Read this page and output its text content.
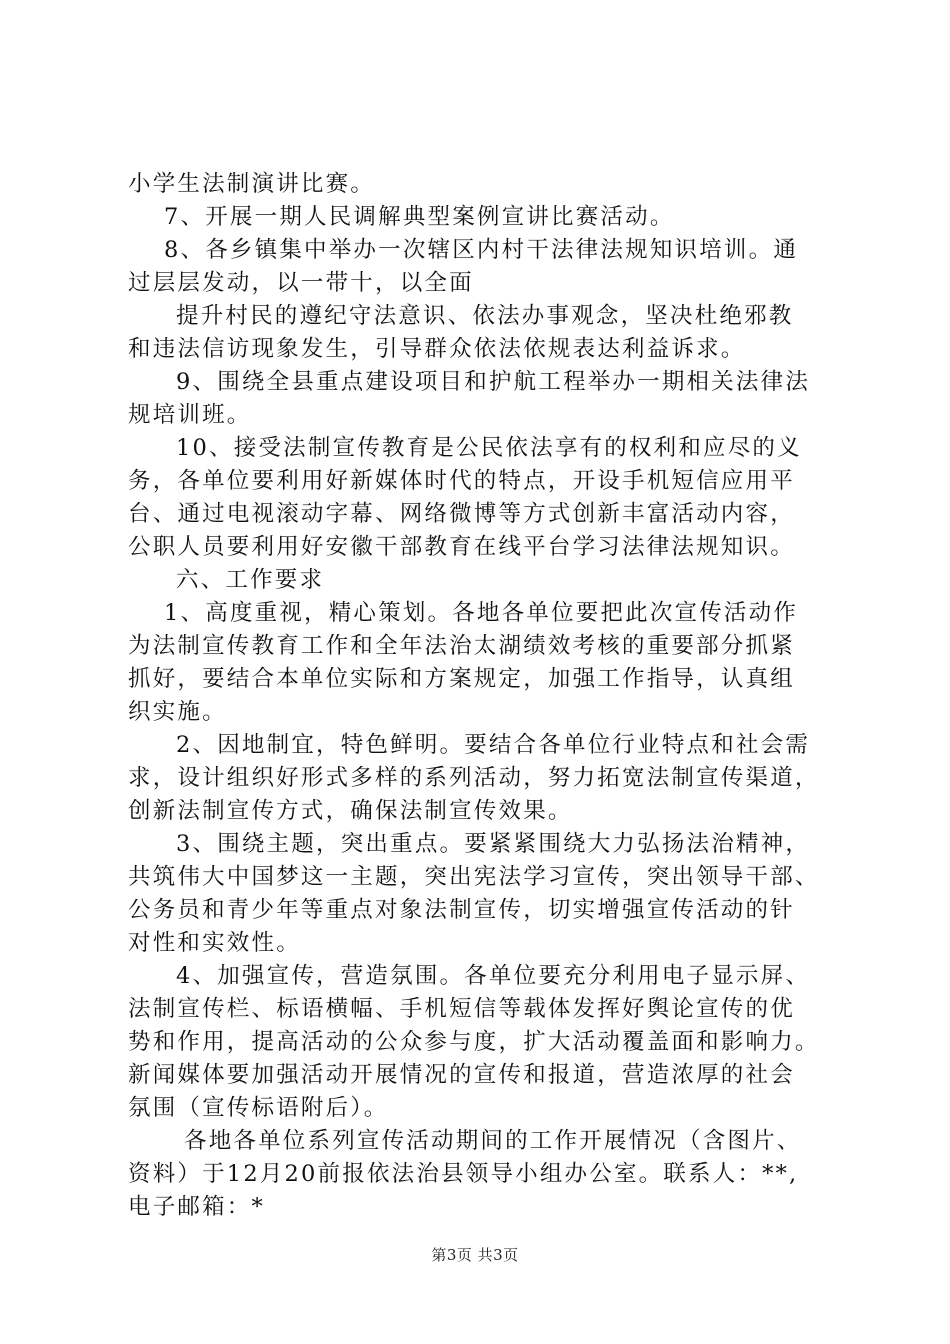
小学生法制演讲比赛。
7、开展一期人民调解典型案例宣讲比赛活动。
8、各乡镇集中举办一次辖区内村干法律法规知识培训。通
过层层发动，以一带十，以全面
提升村民的遵纪守法意识、依法办事观念，坚决杜绝邪教
和违法信访现象发生，引导群众依法依规表达利益诉求。
9、围绕全县重点建设项目和护航工程举办一期相关法律法
规培训班。
10、接受法制宣传教育是公民依法享有的权利和应尽的义
务，各单位要利用好新媒体时代的特点，开设手机短信应用平
台、通过电视滚动字幕、网络微博等方式创新丰富活动内容，
公职人员要利用好安徽干部教育在线平台学习法律法规知识。
六、工作要求
1、高度重视，精心策划。各地各单位要把此次宣传活动作
为法制宣传教育工作和全年法治太湖绩效考核的重要部分抓紧
抓好，要结合本单位实际和方案规定，加强工作指导，认真组
织实施。
2、因地制宜，特色鲜明。要结合各单位行业特点和社会需
求，设计组织好形式多样的系列活动，努力拓宽法制宣传渠道，
创新法制宣传方式，确保法制宣传效果。
3、围绕主题，突出重点。要紧紧围绕大力弘扬法治精神，
共筑伟大中国梦这一主题，突出宪法学习宣传，突出领导干部、
公务员和青少年等重点对象法制宣传，切实增强宣传活动的针
对性和实效性。
4、加强宣传，营造氛围。各单位要充分利用电子显示屏、
法制宣传栏、标语横幅、手机短信等载体发挥好舆论宣传的优
势和作用，提高活动的公众参与度，扩大活动覆盖面和影响力。
新闻媒体要加强活动开展情况的宣传和报道，营造浓厚的社会
氛围（宣传标语附后）。
各地各单位系列宣传活动期间的工作开展情况（含图片、
资料）于12月20前报依法治县领导小组办公室。联系人：**,
电子邮箱：*
第3页 共3页
